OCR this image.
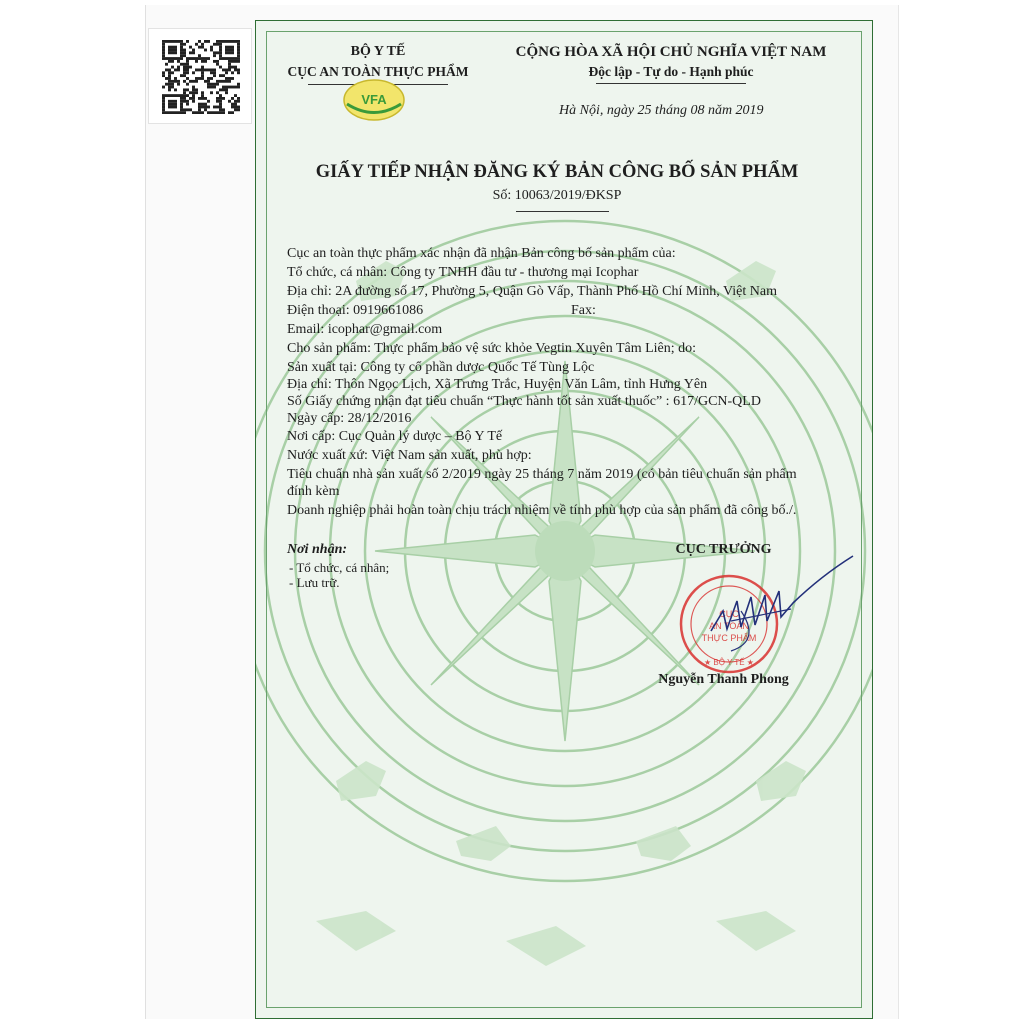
BỘ Y TẾ
CỤC AN TOÀN THỰC PHẨM
VFA
CỘNG HÒA XÃ HỘI CHỦ NGHĨA VIỆT NAM
Độc lập - Tự do - Hạnh phúc
Hà Nội, ngày 25 tháng 08 năm 2019
GIẤY TIẾP NHẬN ĐĂNG KÝ BẢN CÔNG BỐ SẢN PHẨM
Số: 10063/2019/ĐKSP
Cục an toàn thực phẩm xác nhận đã nhận Bản công bố sản phẩm của:
Tổ chức, cá nhân: Công ty TNHH đầu tư - thương mại Icophar
Địa chỉ: 2A đường số 17, Phường 5, Quận Gò Vấp, Thành Phố Hồ Chí Minh, Việt Nam
Điện thoại: 0919661086	Fax:
Email: icophar@gmail.com
Cho sản phẩm: Thực phẩm bảo vệ sức khỏe Vegtin Xuyên Tâm Liên; do:
Sản xuất tại: Công ty cổ phần dược Quốc Tế Tùng Lộc
Địa chỉ: Thôn Ngọc Lịch, Xã Trưng Trắc, Huyện Văn Lâm, tỉnh Hưng Yên
Số Giấy chứng nhận đạt tiêu chuẩn “Thực hành tốt sản xuất thuốc” : 617/GCN-QLD
Ngày cấp: 28/12/2016
Nơi cấp: Cục Quản lý dược – Bộ Y Tế
Nước xuất xứ: Việt Nam sản xuất, phù hợp:
Tiêu chuẩn nhà sản xuất số 2/2019 ngày 25 tháng 7 năm 2019 (có bản tiêu chuẩn sản phẩm
đính kèm
Doanh nghiệp phải hoàn toàn chịu trách nhiệm về tính phù hợp của sản phẩm đã công bố./.
Nơi nhận:
- Tổ chức, cá nhân;
- Lưu trữ.
CỤC TRƯỞNG
CỤC
AN TOÀN
THỰC PHẨM
★ BỘ Y TẾ ★
Nguyễn Thanh Phong
